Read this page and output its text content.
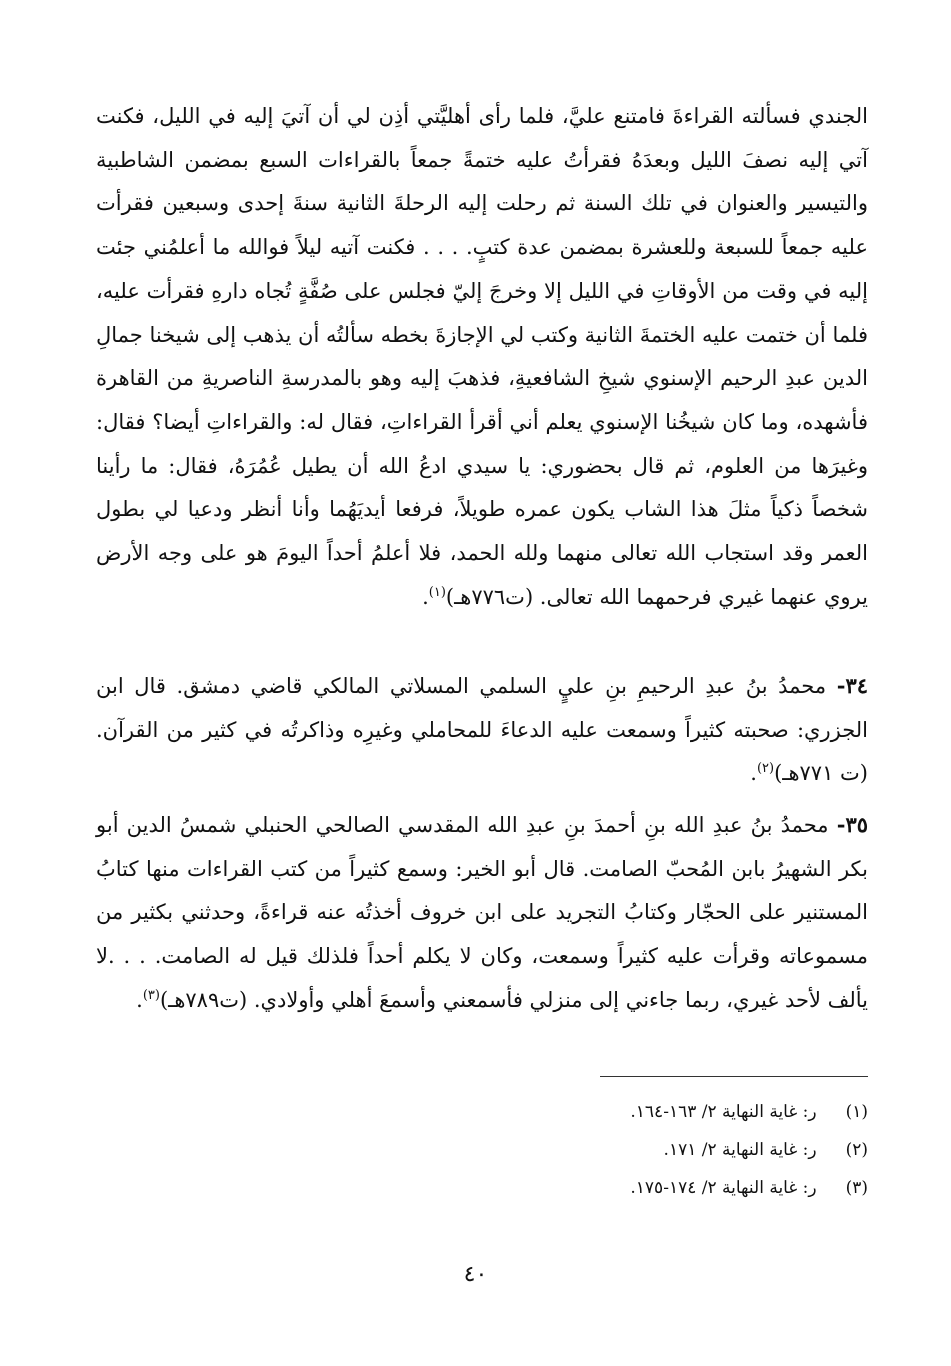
الجندي فسألته القراءةَ فامتنع عليَّ، فلما رأى أهليَّتي أذِن لي أن آتيَ إليه في الليل، فكنت آتي إليه نصفَ الليل وبعدَهُ فقرأتُ عليه ختمةً جمعاً بالقراءات السبع بمضمن الشاطبية والتيسير والعنوان في تلك السنة ثم رحلت إليه الرحلةَ الثانية سنةَ إحدى وسبعين فقرأت عليه جمعاً للسبعة وللعشرة بمضمن عدة كتبٍ. . . . فكنت آتيه ليلاً فوالله ما أعلمُني جئت إليه في وقت من الأوقاتِ في الليل إلا وخرجَ إليّ فجلس على صُفَّةٍ تُجاه دارهِ فقرأت عليه، فلما أن ختمت عليه الختمةَ الثانية وكتب لي الإجازةَ بخطه سألتُه أن يذهب إلى شيخنا جمالِ الدين عبدِ الرحيم الإسنوي شيخِ الشافعيةِ، فذهبَ إليه وهو بالمدرسةِ الناصريةِ من القاهرة فأشهده، وما كان شيخُنا الإسنوي يعلم أني أقرأ القراءاتِ، فقال له: والقراءاتِ أيضا؟ فقال: وغيرَها من العلوم، ثم قال بحضوري: يا سيدي ادعُ الله أن يطيل عُمُرَهُ، فقال: ما رأينا شخصاً ذكياً مثلَ هذا الشاب يكون عمره طويلاً، فرفعا أيديَهُما وأنا أنظر ودعيا لي بطول العمر وقد استجاب الله تعالى منهما ولله الحمد، فلا أعلمُ أحداً اليومَ هو على وجه الأرض يروي عنهما غيري فرحمهما الله تعالى. (ت٧٧٦هـ)$^{(١)}$.

٣٤- محمدُ بنُ عبدِ الرحيمِ بنِ عليٍ السلمي المسلاتي المالكي قاضي دمشق. قال ابن الجزري: صحبته كثيراً وسمعت عليه الدعاءَ للمحاملي وغيرِه وذاكرتُه في كثير من القرآن. (ت ٧٧١هـ)$^{(٢)}$.

٣٥- محمدُ بنُ عبدِ الله بنِ أحمدَ بنِ عبدِ الله المقدسي الصالحي الحنبلي شمسُ الدين أبو بكر الشهيرُ بابن المُحبّ الصامت. قال أبو الخير: وسمع كثيراً من كتب القراءات منها كتابُ المستنير على الحجّار وكتابُ التجريد على ابن خروف أخذتُه عنه قراءةً، وحدثني بكثير من مسموعاته وقرأت عليه كثيراً وسمعت، وكان لا يكلم أحداً فلذلك قيل له الصامت. . . .لا يألف لأحد غيري، ربما جاءني إلى منزلي فأسمعني وأسمعَ أهلي وأولادي. (ت٧٨٩هـ)$^{(٣)}$.

(١) ر: غاية النهاية ٢/ ١٦٣-١٦٤.
(٢) ر: غاية النهاية ٢/ ١٧١.
(٣) ر: غاية النهاية ٢/ ١٧٤-١٧٥.
٤٠
